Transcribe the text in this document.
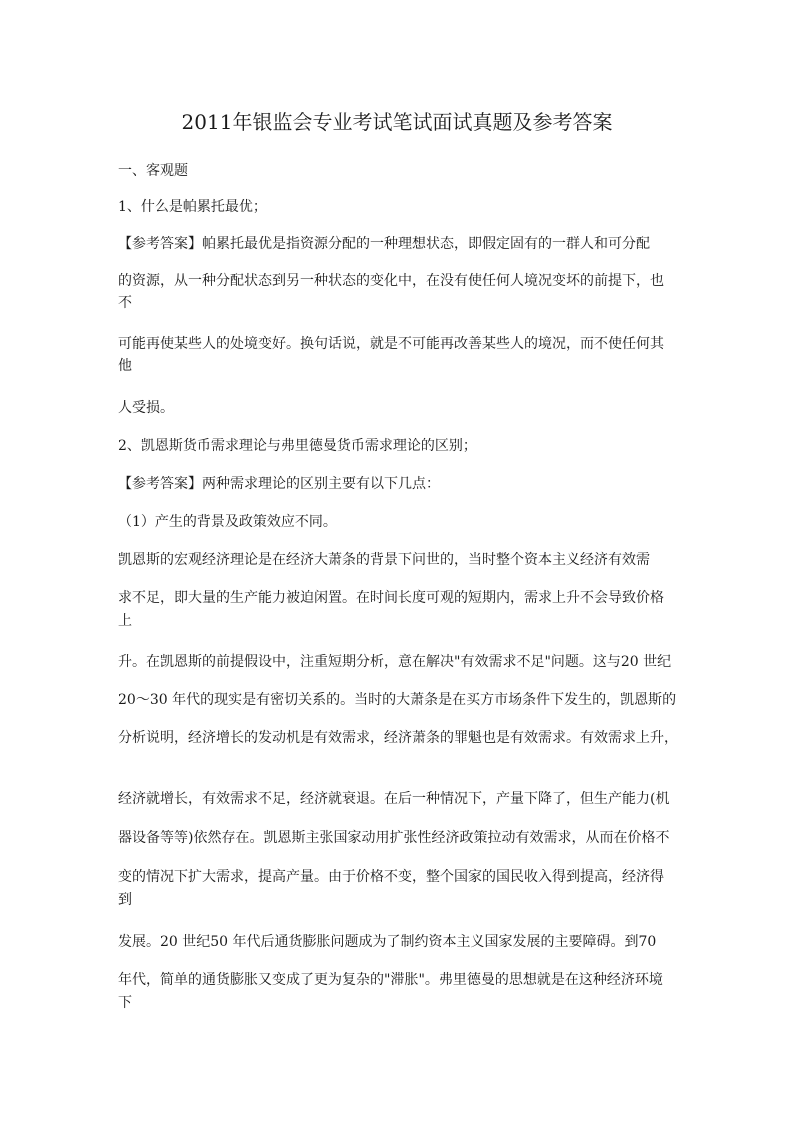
2011年银监会专业考试笔试面试真题及参考答案
一、客观题
1、什么是帕累托最优；
【参考答案】帕累托最优是指资源分配的一种理想状态，即假定固有的一群人和可分配
的资源，从一种分配状态到另一种状态的变化中，在没有使任何人境况变坏的前提下，也
不
可能再使某些人的处境变好。换句话说，就是不可能再改善某些人的境况，而不使任何其
他
人受损。
2、凯恩斯货币需求理论与弗里德曼货币需求理论的区别；
【参考答案】两种需求理论的区别主要有以下几点：
（1）产生的背景及政策效应不同。
凯恩斯的宏观经济理论是在经济大萧条的背景下问世的，当时整个资本主义经济有效需
求不足，即大量的生产能力被迫闲置。在时间长度可观的短期内，需求上升不会导致价格
上
升。在凯恩斯的前提假设中，注重短期分析，意在解决"有效需求不足"问题。这与20 世纪
20～30 年代的现实是有密切关系的。当时的大萧条是在买方市场条件下发生的，凯恩斯的
分析说明，经济增长的发动机是有效需求，经济萧条的罪魁也是有效需求。有效需求上升，
经济就增长，有效需求不足，经济就衰退。在后一种情况下，产量下降了，但生产能力(机
器设备等等)依然存在。凯恩斯主张国家动用扩张性经济政策拉动有效需求，从而在价格不
变的情况下扩大需求，提高产量。由于价格不变，整个国家的国民收入得到提高，经济得
到
发展。20 世纪50 年代后通货膨胀问题成为了制约资本主义国家发展的主要障碍。到70
年代，简单的通货膨胀又变成了更为复杂的"滞胀"。弗里德曼的思想就是在这种经济环境
下
